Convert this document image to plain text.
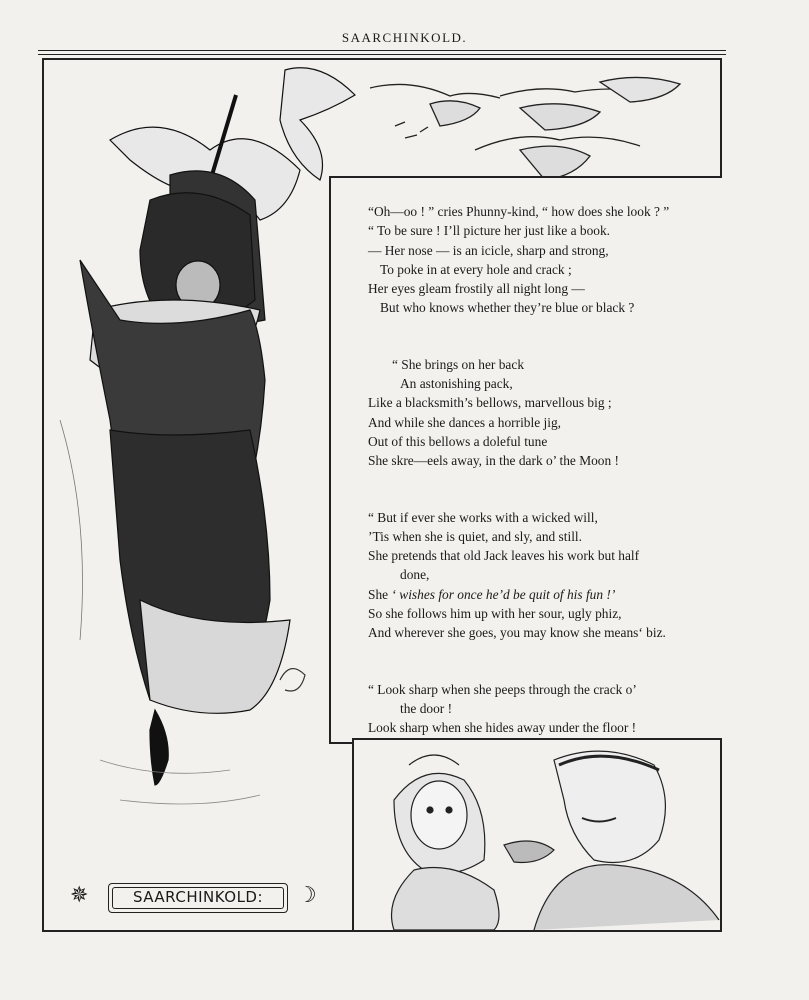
SAARCHINKOLD.
“Oh—oo ! ” cries Phunny-kind, “ how does she look ? ”
“ To be sure ! I’ll picture her just like a book.
— Her nose — is an icicle, sharp and strong,
To poke in at every hole and crack ;
Her eyes gleam frostily all night long —
But who knows whether they’re blue or black ?
“ She brings on her back
An astonishing pack,
Like a blacksmith’s bellows, marvellous big ;
And while she dances a horrible jig,
Out of this bellows a doleful tune
She skre—eels away, in the dark o’ the Moon !
“ But if ever she works with a wicked will,
’Tis when she is quiet, and sly, and still.
She pretends that old Jack leaves his work but half
done,
She ‘ wishes for once he’d be quit of his fun !’
So she follows him up with her sour, ugly phiz,
And wherever she goes, you may know she means‘ biz.
“ Look sharp when she peeps through the crack o’
the door !
Look sharp when she hides away under the floor !
✵	SAARCHINKOLD:	☽
